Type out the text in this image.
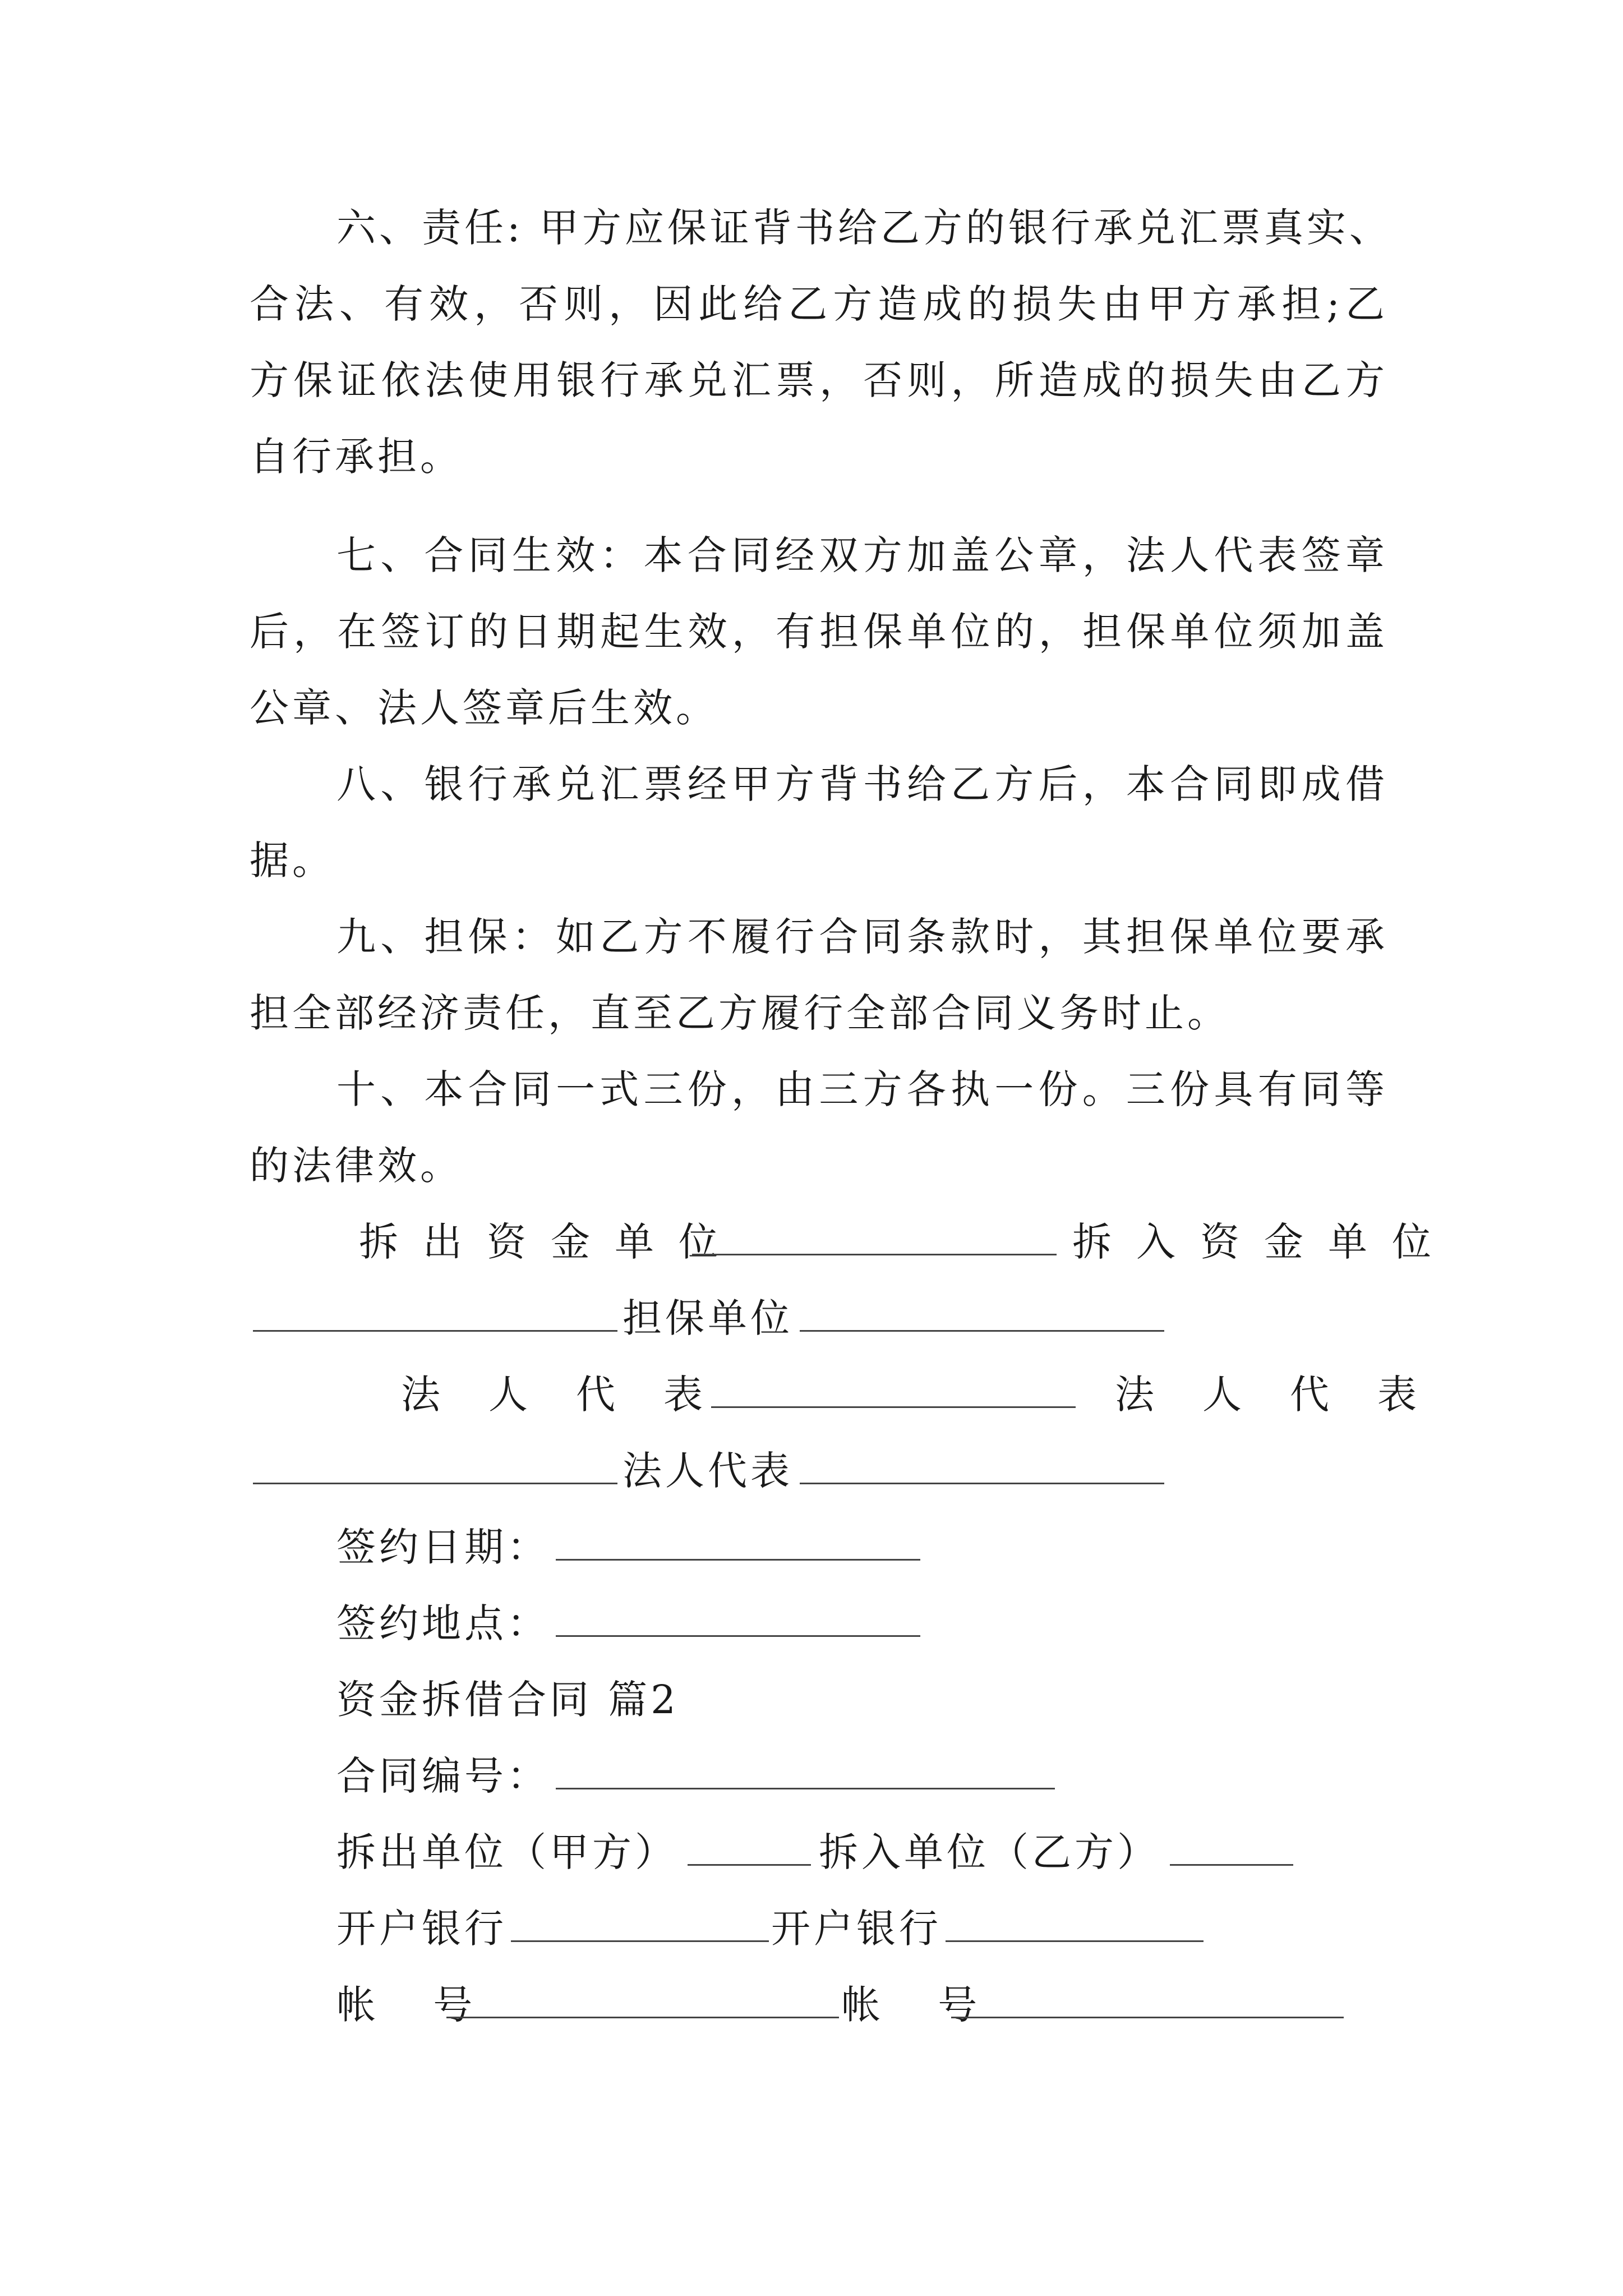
六、责任: 甲方应保证背书给乙方的银行承兑汇票真实、
合法、有效，否则，因此给乙方造成的损失由甲方承担;乙
方保证依法使用银行承兑汇票，否则，所造成的损失由乙方
自行承担。
七、合同生效：本合同经双方加盖公章，法人代表签章
后，在签订的日期起生效，有担保单位的，担保单位须加盖
公章、法人签章后生效。
八、银行承兑汇票经甲方背书给乙方后，本合同即成借
据。
九、担保：如乙方不履行合同条款时，其担保单位要承
担全部经济责任，直至乙方履行全部合同义务时止。
十、本合同一式三份，由三方各执一份。三份具有同等
的法律效。
拆出资金单位	拆入资金单位
担保单位
法人代表	法人代表
法人代表
签约日期：
签约地点：
资金拆借合同 篇2
合同编号：
拆出单位（甲方）	拆入单位（乙方）
开户银行	开户银行
帐 号	帐 号
